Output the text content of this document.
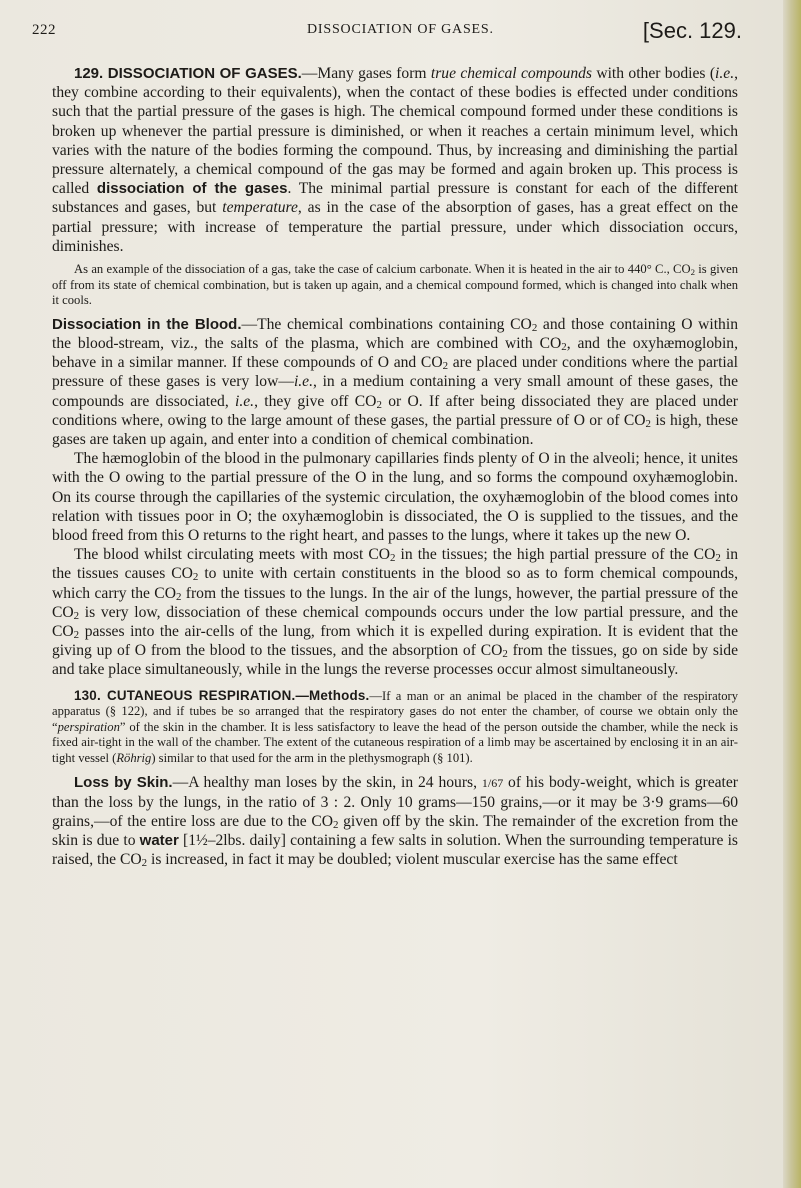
222	DISSOCIATION OF GASES.	[Sec. 129.

129. DISSOCIATION OF GASES.—Many gases form true chemical compounds with other bodies (i.e., they combine according to their equivalents), when the contact of these bodies is effected under conditions such that the partial pressure of the gases is high. The chemical compound formed under these conditions is broken up whenever the partial pressure is diminished, or when it reaches a certain minimum level, which varies with the nature of the bodies forming the compound. Thus, by increasing and diminishing the partial pressure alternately, a chemical compound of the gas may be formed and again broken up. This process is called dissociation of the gases. The minimal partial pressure is constant for each of the different substances and gases, but temperature, as in the case of the absorption of gases, has a great effect on the partial pressure; with increase of temperature the partial pressure, under which dissociation occurs, diminishes.

As an example of the dissociation of a gas, take the case of calcium carbonate. When it is heated in the air to 440° C., $CO_2$ is given off from its state of chemical combination, but is taken up again, and a chemical compound formed, which is changed into chalk when it cools.

Dissociation in the Blood.—The chemical combinations containing $CO_2$ and those containing O within the blood-stream, viz., the salts of the plasma, which are combined with $CO_2$, and the oxyhæmoglobin, behave in a similar manner. If these compounds of O and $CO_2$ are placed under conditions where the partial pressure of these gases is very low—i.e., in a medium containing a very small amount of these gases, the compounds are dissociated, i.e., they give off $CO_2$ or O. If after being dissociated they are placed under conditions where, owing to the large amount of these gases, the partial pressure of O or of $CO_2$ is high, these gases are taken up again, and enter into a condition of chemical combination.

The hæmoglobin of the blood in the pulmonary capillaries finds plenty of O in the alveoli; hence, it unites with the O owing to the partial pressure of the O in the lung, and so forms the compound oxyhæmoglobin. On its course through the capillaries of the systemic circulation, the oxyhæmoglobin of the blood comes into relation with tissues poor in O; the oxyhæmoglobin is dissociated, the O is supplied to the tissues, and the blood freed from this O returns to the right heart, and passes to the lungs, where it takes up the new O.

The blood whilst circulating meets with most $CO_2$ in the tissues; the high partial pressure of the $CO_2$ in the tissues causes $CO_2$ to unite with certain constituents in the blood so as to form chemical compounds, which carry the $CO_2$ from the tissues to the lungs. In the air of the lungs, however, the partial pressure of the $CO_2$ is very low, dissociation of these chemical compounds occurs under the low partial pressure, and the $CO_2$ passes into the air-cells of the lung, from which it is expelled during expiration. It is evident that the giving up of O from the blood to the tissues, and the absorption of $CO_2$ from the tissues, go on side by side and take place simultaneously, while in the lungs the reverse processes occur almost simultaneously.

130. CUTANEOUS RESPIRATION.—Methods.—If a man or an animal be placed in the chamber of the respiratory apparatus (§ 122), and if tubes be so arranged that the respiratory gases do not enter the chamber, of course we obtain only the “perspiration” of the skin in the chamber. It is less satisfactory to leave the head of the person outside the chamber, while the neck is fixed air-tight in the wall of the chamber. The extent of the cutaneous respiration of a limb may be ascertained by enclosing it in an air-tight vessel (Röhrig) similar to that used for the arm in the plethysmograph (§ 101).

Loss by Skin.—A healthy man loses by the skin, in 24 hours, 1/67 of his body-weight, which is greater than the loss by the lungs, in the ratio of 3 : 2. Only 10 grams—150 grains,—or it may be 3·9 grams—60 grains,—of the entire loss are due to the $CO_2$ given off by the skin. The remainder of the excretion from the skin is due to water [1½–2lbs. daily] containing a few salts in solution. When the surrounding temperature is raised, the $CO_2$ is increased, in fact it may be doubled; violent muscular exercise has the same effect
